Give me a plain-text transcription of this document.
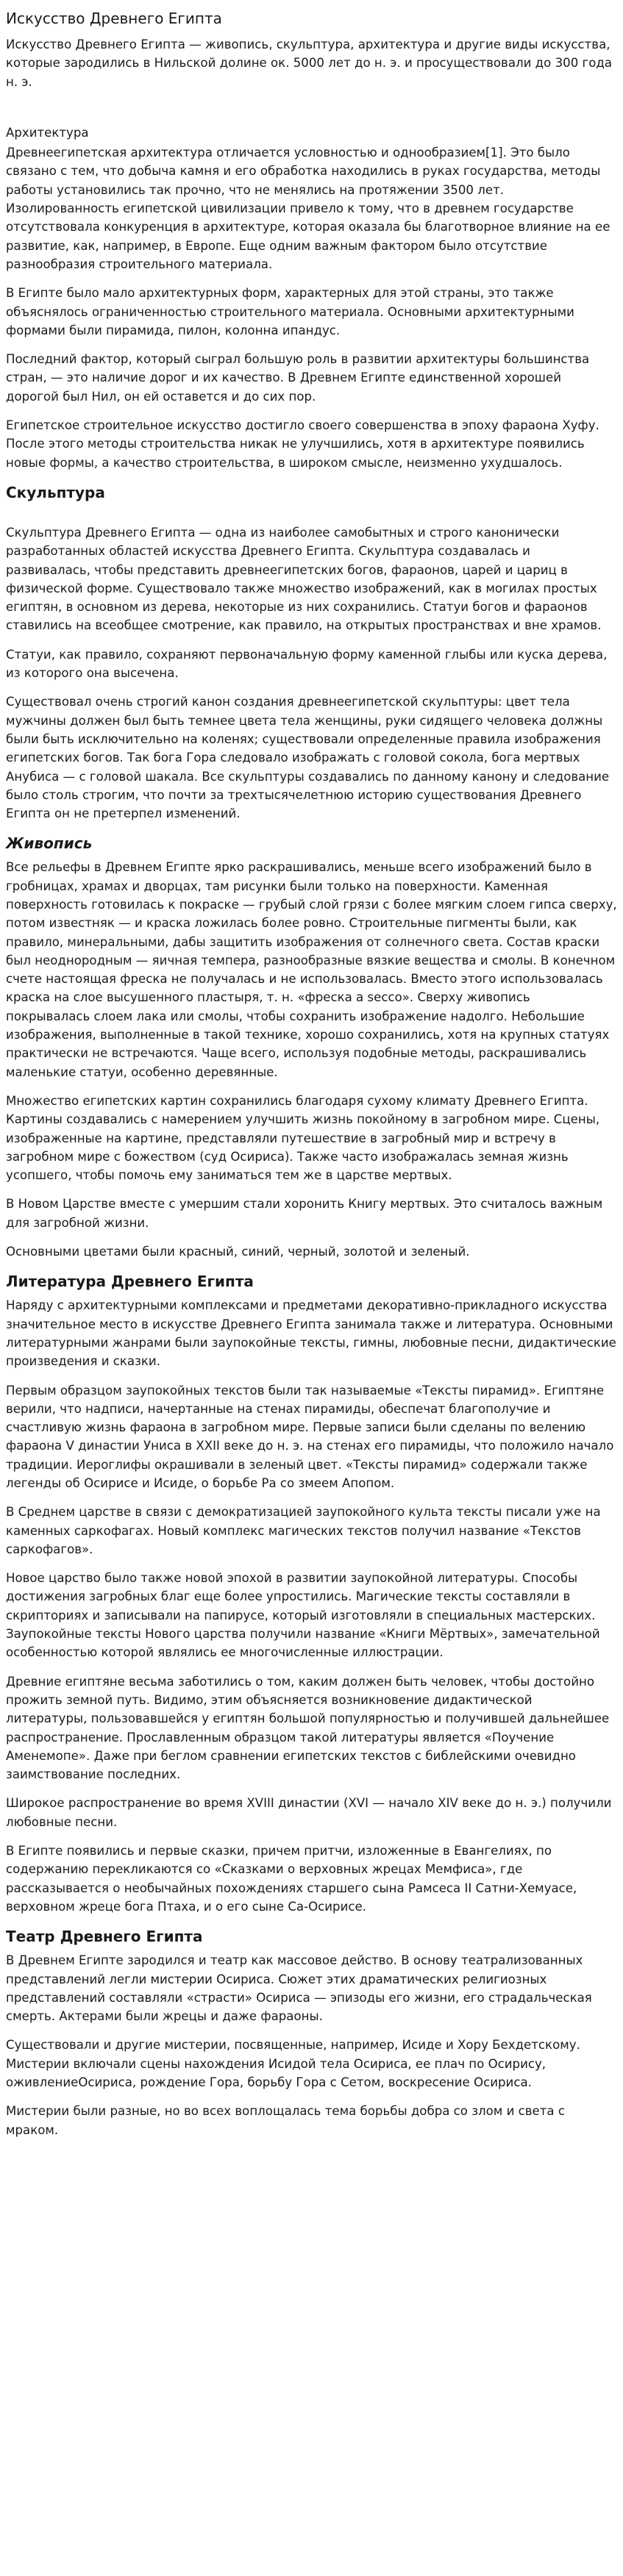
Искусство Древнего Египта

Искусство Древнего Египта — живопись, скульптура, архитектура и другие виды искусства, которые зародились в Нильской долине ок. 5000 лет до н. э. и просуществовали до 300 года н. э.

Архитектура

Древнеегипетская архитектура отличается условностью и однообразием[1]. Это было связано с тем, что добыча камня и его обработка находились в руках государства, методы работы установились так прочно, что не менялись на протяжении 3500 лет. Изолированность египетской цивилизации привело к тому, что в древнем государстве отсутствовала конкуренция в архитектуре, которая оказала бы благотворное влияние на ее развитие, как, например, в Европе. Еще одним важным фактором было отсутствие разнообразия строительного материала.

В Египте было мало архитектурных форм, характерных для этой страны, это также объяснялось ограниченностью строительного материала. Основными архитектурными формами были пирамида, пилон, колонна ипандус.

Последний фактор, который сыграл большую роль в развитии архитектуры большинства стран, — это наличие дорог и их качество. В Древнем Египте единственной хорошей дорогой был Нил, он ей оставется и до сих пор.

Египетское строительное искусство достигло своего совершенства в эпоху фараона Хуфу. После этого методы строительства никак не улучшились, хотя в архитектуре появились новые формы, а качество строительства, в широком смысле, неизменно ухудшалось.

Скульптура

Скульптура Древнего Египта — одна из наиболее самобытных и строго канонически разработанных областей искусства Древнего Египта. Скульптура создавалась и развивалась, чтобы представить древнеегипетских богов, фараонов, царей и цариц в физической форме. Существовало также множество изображений, как в могилах простых египтян, в основном из дерева, некоторые из них сохранились. Статуи богов и фараонов ставились на всеобщее смотрение, как правило, на открытых пространствах и вне храмов.

Статуи, как правило, сохраняют первоначальную форму каменной глыбы или куска дерева, из которого она высечена.

Существовал очень строгий канон создания древнеегипетской скульптуры: цвет тела мужчины должен был быть темнее цвета тела женщины, руки сидящего человека должны были быть исключительно на коленях; существовали определенные правила изображения египетских богов. Так бога Гора следовало изображать с головой сокола, бога мертвых Анубиса — с головой шакала. Все скульптуры создавались по данному канону и следование было столь строгим, что почти за трехтысячелетнюю историю существования Древнего Египта он не претерпел изменений.

Живопись

Все рельефы в Древнем Египте ярко раскрашивались, меньше всего изображений было в гробницах, храмах и дворцах, там рисунки были только на поверхности. Каменная поверхность готовилась к покраске — грубый слой грязи с более мягким слоем гипса сверху, потом известняк — и краска ложилась более ровно. Строительные пигменты были, как правило, минеральными, дабы защитить изображения от солнечного света. Состав краски был неоднородным — яичная темпера, разнообразные вязкие вещества и смолы. В конечном счете настоящая фреска не получалась и не использовалась. Вместо этого использовалась краска на слое высушенного пластыря, т. н. «фреска а secco». Сверху живопись покрывалась слоем лака или смолы, чтобы сохранить изображение надолго. Небольшие изображения, выполненные в такой технике, хорошо сохранились, хотя на крупных статуях практически не встречаются. Чаще всего, используя подобные методы, раскрашивались маленькие статуи, особенно деревянные.

Множество египетских картин сохранились благодаря сухому климату Древнего Египта. Картины создавались с намерением улучшить жизнь покойному в загробном мире. Сцены, изображенные на картине, представляли путешествие в загробный мир и встречу в загробном мире с божеством (суд Осириса). Также часто изображалась земная жизнь усопшего, чтобы помочь ему заниматься тем же в царстве мертвых.

В Новом Царстве вместе с умершим стали хоронить Книгу мертвых. Это считалось важным для загробной жизни.

Основными цветами были красный, синий, черный, золотой и зеленый.

Литература Древнего Египта

Наряду с архитектурными комплексами и предметами декоративно-прикладного искусства значительное место в искусстве Древнего Египта занимала также и литература. Основными литературными жанрами были заупокойные тексты, гимны, любовные песни, дидактические произведения и сказки.

Первым образцом заупокойных текстов были так называемые «Тексты пирамид». Египтяне верили, что надписи, начертанные на стенах пирамиды, обеспечат благополучие и счастливую жизнь фараона в загробном мире. Первые записи были сделаны по велению фараона V династии Униса в XXII веке до н. э. на стенах его пирамиды, что положило начало традиции. Иероглифы окрашивали в зеленый цвет. «Тексты пирамид» содержали также легенды об Осирисе и Исиде, о борьбе Ра со змеем Апопом.

В Среднем царстве в связи с демократизацией заупокойного культа тексты писали уже на каменных саркофагах. Новый комплекс магических текстов получил название «Текстов саркофагов».

Новое царство было также новой эпохой в развитии заупокойной литературы. Способы достижения загробных благ еще более упростились. Магические тексты составляли в скрипториях и записывали на папирусе, который изготовляли в специальных мастерских. Заупокойные тексты Нового царства получили название «Книги Мёртвых», замечательной особенностью которой являлись ее многочисленные иллюстрации.

Древние египтяне весьма заботились о том, каким должен быть человек, чтобы достойно прожить земной путь. Видимо, этим объясняется возникновение дидактической литературы, пользовавшейся у египтян большой популярностью и получившей дальнейшее распространение. Прославленным образцом такой литературы является «Поучение Аменемопе». Даже при беглом сравнении египетских текстов с библейскими очевидно заимствование последних.

Широкое распространение во время XVIII династии (XVI — начало XIV веке до н. э.) получили любовные песни.

В Египте появились и первые сказки, причем притчи, изложенные в Евангелиях, по содержанию перекликаются со «Сказками о верховных жрецах Мемфиса», где рассказывается о необычайных похождениях старшего сына Рамсеса II Сатни-Хемуасе, верховном жреце бога Птаха, и о его сыне Са-Осирисе.

Театр Древнего Египта

В Древнем Египте зародился и театр как массовое действо. В основу театрализованных представлений легли мистерии Осириса. Сюжет этих драматических религиозных представлений составляли «страсти» Осириса — эпизоды его жизни, его страдальческая смерть. Актерами были жрецы и даже фараоны.

Существовали и другие мистерии, посвященные, например, Исиде и Хору Бехдетскому. Мистерии включали сцены нахождения Исидой тела Осириса, ее плач по Осирису, оживлениеОсириса, рождение Гора, борьбу Гора с Сетом, воскресение Осириса.

Мистерии были разные, но во всех воплощалась тема борьбы добра со злом и света с мраком.
